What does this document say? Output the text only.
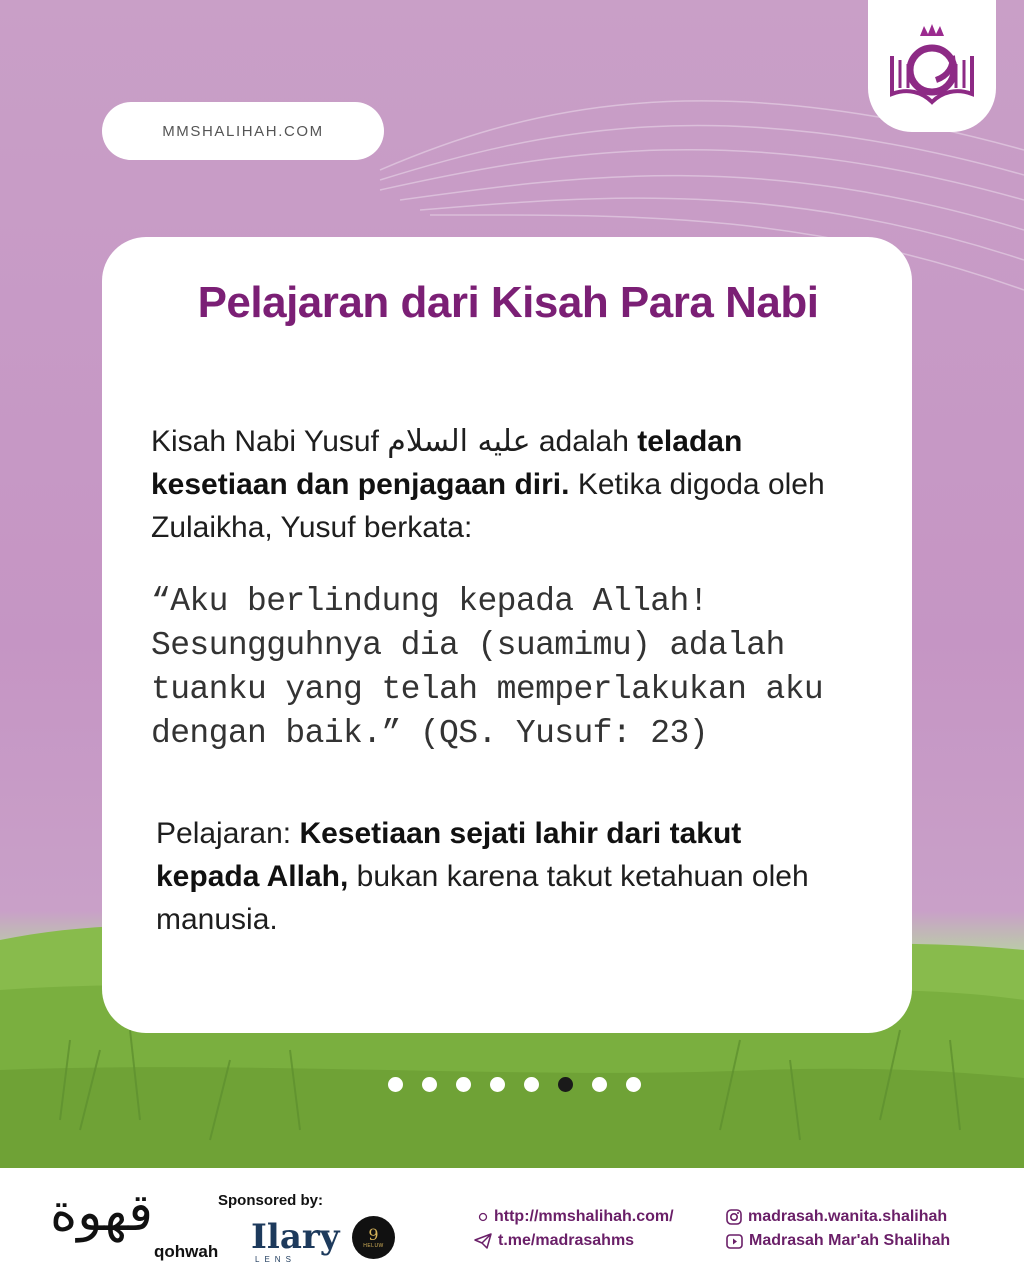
MMSHALIHAH.COM
Pelajaran dari Kisah Para Nabi
Kisah Nabi Yusuf عليه السلام adalah teladan kesetiaan dan penjagaan diri. Ketika digoda oleh Zulaikha, Yusuf berkata:
“Aku berlindung kepada Allah!
Sesungguhnya dia (suamimu) adalah
tuanku yang telah memperlakukan aku
dengan baik.” (QS. Yusuf: 23)
Pelajaran: Kesetiaan sejati lahir dari takut kepada Allah, bukan karena takut ketahuan oleh manusia.
قهوة
qohwah
Sponsored by:
Ilary
LENS
9
HELUW
http://mmshalihah.com/
t.me/madrasahms
madrasah.wanita.shalihah
Madrasah Mar'ah Shalihah
